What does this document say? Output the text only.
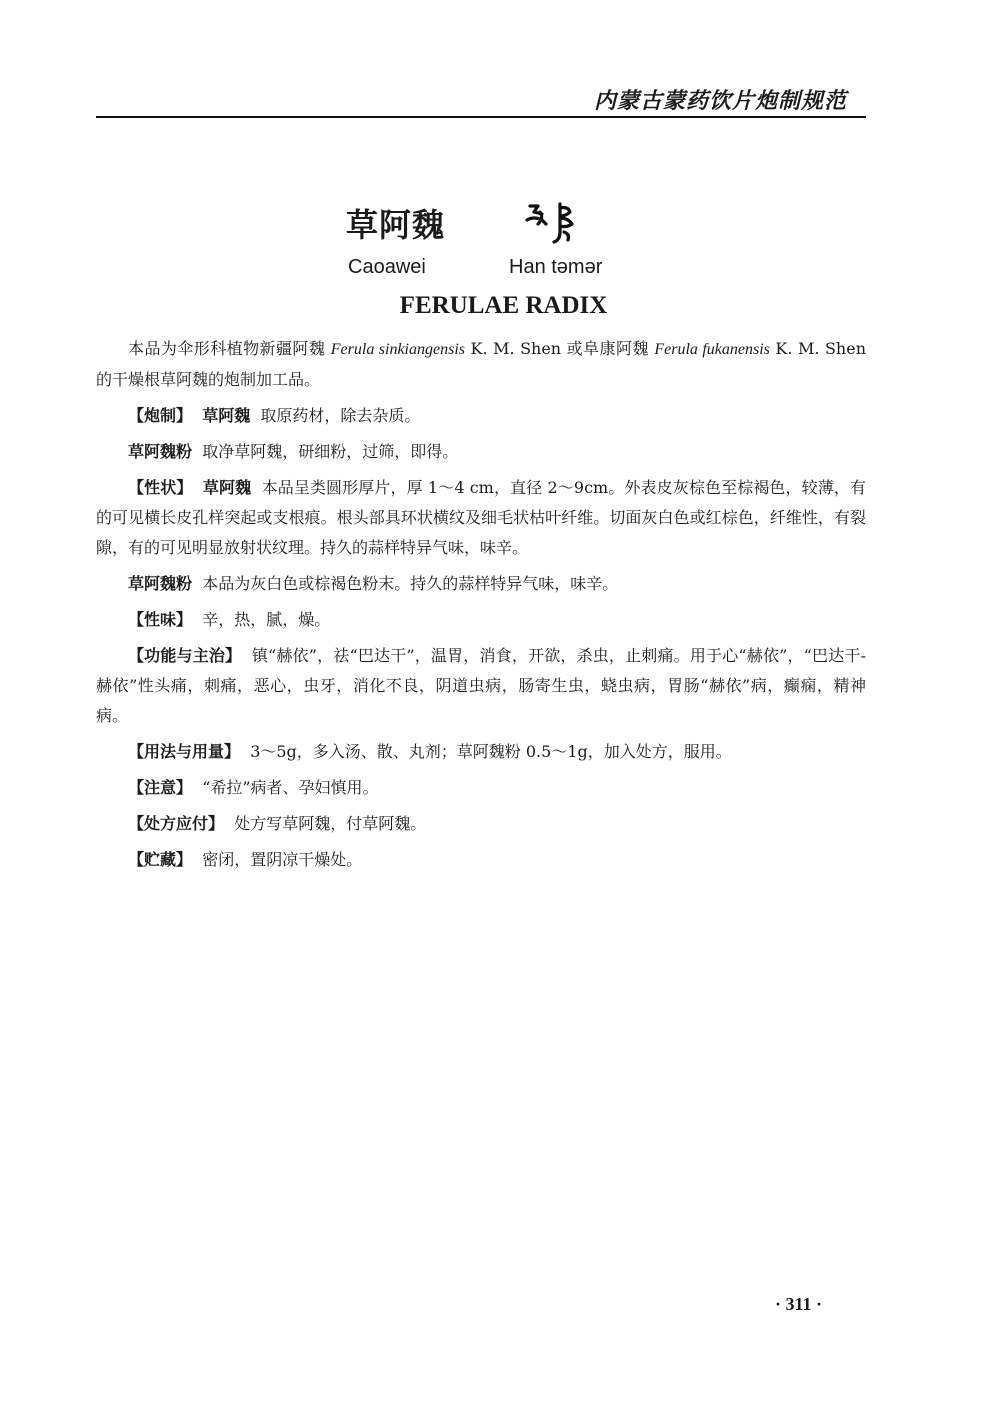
内蒙古蒙药饮片炮制规范
草阿魏
Caoawei	Han təmər
FERULAE RADIX

本品为伞形科植物新疆阿魏 Ferula sinkiangensis K. M. Shen 或阜康阿魏 Ferula fukanensis K. M. Shen 的干燥根草阿魏的炮制加工品。

【炮制】 草阿魏 取原药材，除去杂质。

草阿魏粉 取净草阿魏，研细粉，过筛，即得。

【性状】 草阿魏 本品呈类圆形厚片，厚 1～4 cm，直径 2～9cm。外表皮灰棕色至棕褐色，较薄，有的可见横长皮孔样突起或支根痕。根头部具环状横纹及细毛状枯叶纤维。切面灰白色或红棕色，纤维性，有裂隙，有的可见明显放射状纹理。持久的蒜样特异气味，味辛。

草阿魏粉 本品为灰白色或棕褐色粉末。持久的蒜样特异气味，味辛。

【性味】 辛，热，腻，燥。

【功能与主治】 镇“赫依”，祛“巴达干”，温胃，消食，开欲，杀虫，止刺痛。用于心“赫依”，“巴达干-赫依”性头痛，刺痛，恶心，虫牙，消化不良，阴道虫病，肠寄生虫，蛲虫病，胃肠“赫依”病，癫痫，精神病。

【用法与用量】 3～5g，多入汤、散、丸剂；草阿魏粉 0.5～1g，加入处方，服用。

【注意】 “希拉”病者、孕妇慎用。

【处方应付】 处方写草阿魏，付草阿魏。

【贮藏】 密闭，置阴凉干燥处。

· 311 ·
